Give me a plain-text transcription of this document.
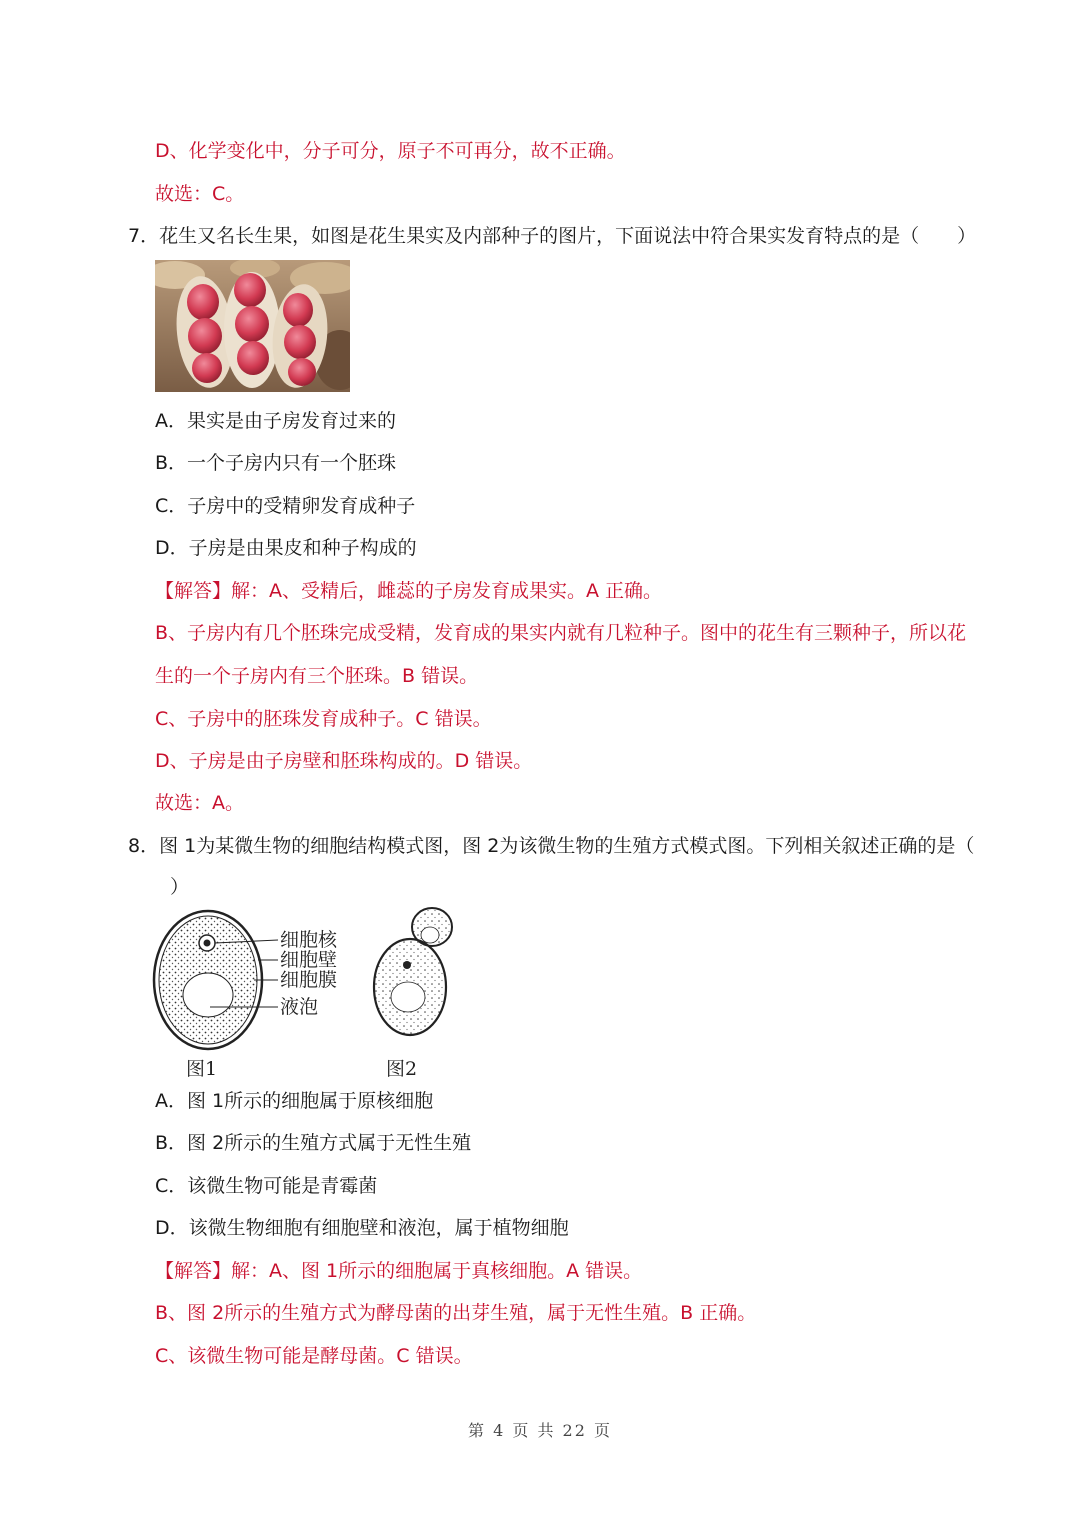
D、化学变化中，分子可分，原子不可再分，故不正确。
故选：C。
7．花生又名长生果，如图是花生果实及内部种子的图片，下面说法中符合果实发育特点的是（　　）
A．果实是由子房发育过来的
B．一个子房内只有一个胚珠
C．子房中的受精卵发育成种子
D．子房是由果皮和种子构成的
【解答】解：A、受精后，雌蕊的子房发育成果实。A 正确。
B、子房内有几个胚珠完成受精，发育成的果实内就有几粒种子。图中的花生有三颗种子，所以花
生的一个子房内有三个胚珠。B 错误。
C、子房中的胚珠发育成种子。C 错误。
D、子房是由子房壁和胚珠构成的。D 错误。
故选：A。
8．图 1为某微生物的细胞结构模式图，图 2为该微生物的生殖方式模式图。下列相关叙述正确的是（
）
细胞核
细胞壁
细胞膜
液泡
图1	图2
A．图 1所示的细胞属于原核细胞
B．图 2所示的生殖方式属于无性生殖
C．该微生物可能是青霉菌
D．该微生物细胞有细胞壁和液泡，属于植物细胞
【解答】解：A、图 1所示的细胞属于真核细胞。A 错误。
B、图 2所示的生殖方式为酵母菌的出芽生殖，属于无性生殖。B 正确。
C、该微生物可能是酵母菌。C 错误。
第 4 页 共 22 页
